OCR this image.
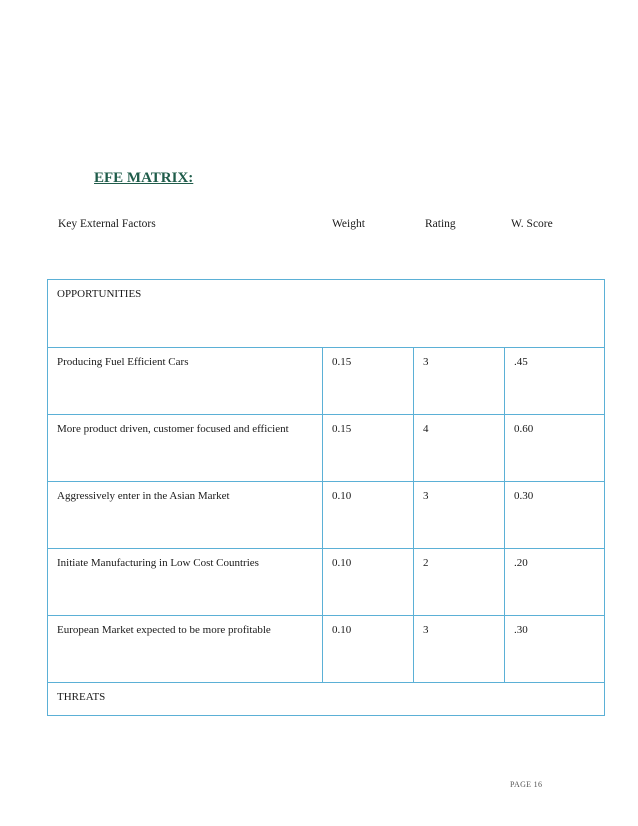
EFE MATRIX:
Key External Factors	Weight	Rating	W. Score
OPPORTUNITIES			
Producing Fuel Efficient Cars	0.15	3	.45
More product driven, customer focused and efficient	0.15	4	0.60
Aggressively enter in the Asian Market	0.10	3	0.30
Initiate Manufacturing in Low Cost Countries	0.10	2	.20
European Market expected to be more profitable	0.10	3	.30
THREATS			
PAGE 16
